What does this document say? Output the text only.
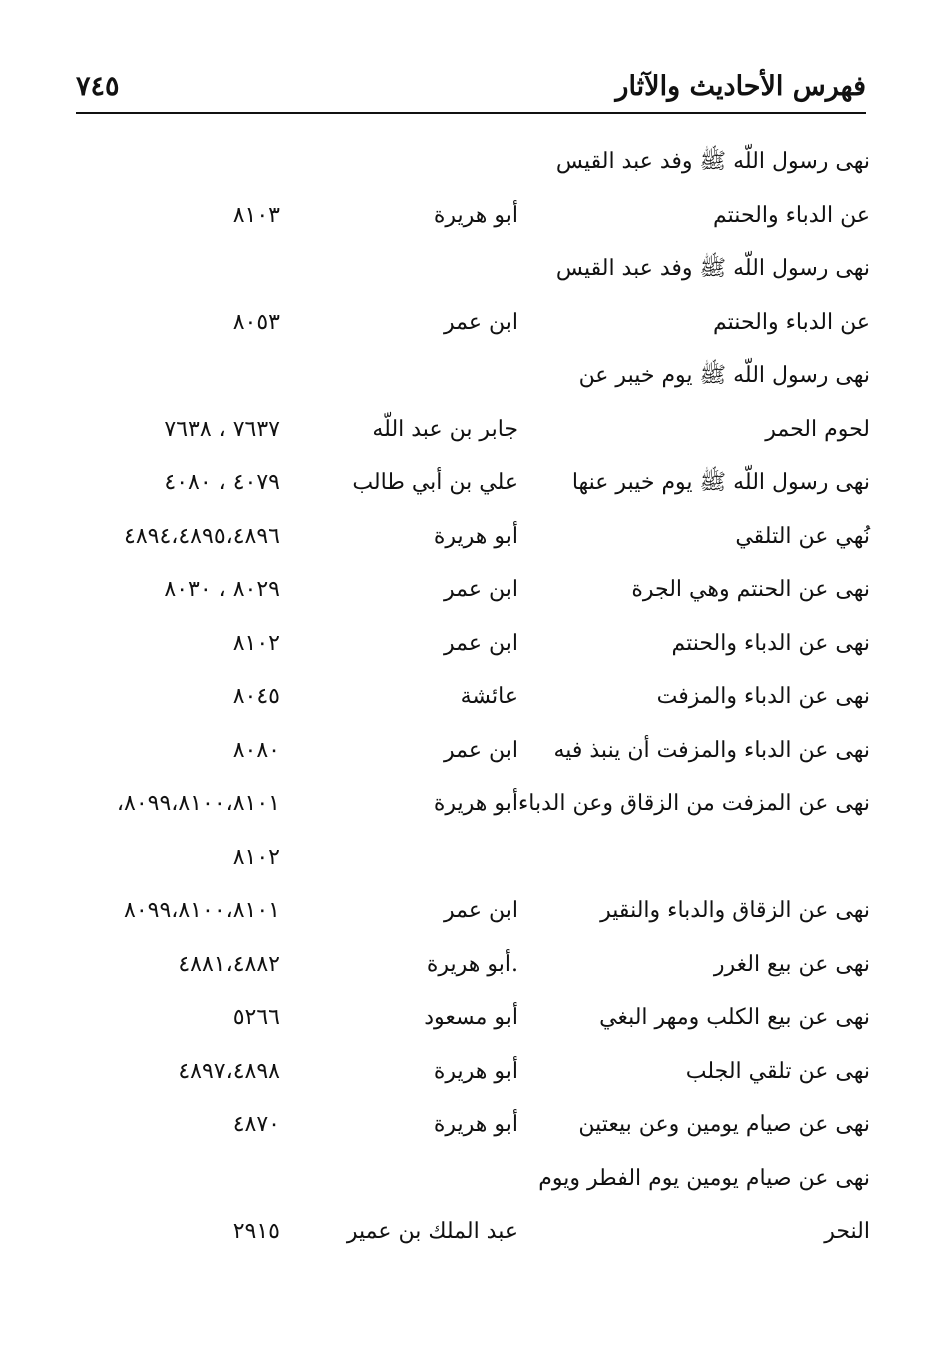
فهرس الأحاديث والآثار
٧٤٥
نهى رسول اللّه ﷺ وفد عبد القيس
عن الدباء والحنتم
أبو هريرة
٨١٠٣
نهى رسول اللّه ﷺ وفد عبد القيس
عن الدباء والحنتم
ابن عمر
٨٠٥٣
نهى رسول اللّه ﷺ يوم خيبر عن
لحوم الحمر
جابر بن عبد اللّه
٧٦٣٧ ، ٧٦٣٨
نهى رسول اللّه ﷺ يوم خيبر عنها
علي بن أبي طالب
٤٠٧٩ ، ٤٠٨٠
نُهي عن التلقي
أبو هريرة
٤٨٩٤،٤٨٩٥،٤٨٩٦
نهى عن الحنتم وهي الجرة
ابن عمر
٨٠٢٩ ، ٨٠٣٠
نهى عن الدباء والحنتم
ابن عمر
٨١٠٢
نهى عن الدباء والمزفت
عائشة
٨٠٤٥
نهى عن الدباء والمزفت أن ينبذ فيه
ابن عمر
٨٠٨٠
نهى عن المزفت من الزقاق وعن الدباء
أبو هريرة
٨٠٩٩،٨١٠٠،٨١٠١،
٨١٠٢
نهى عن الزقاق والدباء والنقير
ابن عمر
٨٠٩٩،٨١٠٠،٨١٠١
نهى عن بيع الغرر
.أبو هريرة
٤٨٨١،٤٨٨٢
نهى عن بيع الكلب ومهر البغي
أبو مسعود
٥٢٦٦
نهى عن تلقي الجلب
أبو هريرة
٤٨٩٧،٤٨٩٨
نهى عن صيام يومين وعن بيعتين
أبو هريرة
٤٨٧٠
نهى عن صيام يومين يوم الفطر ويوم
النحر
عبد الملك بن عمير
٢٩١٥
